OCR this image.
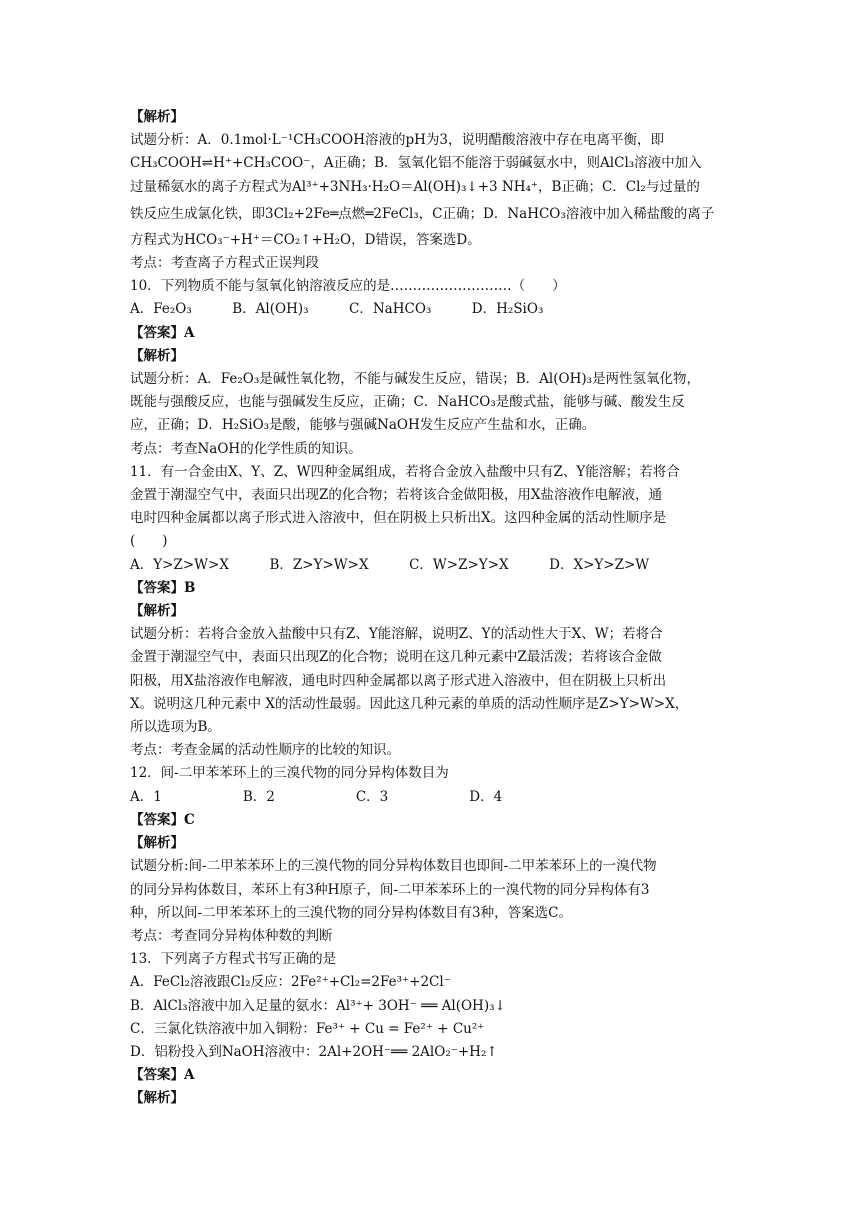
【解析】
试题分析：A．0.1mol·L⁻¹CH₃COOH溶液的pH为3，说明醋酸溶液中存在电离平衡，即
CH₃COOH⇌H⁺+CH₃COO⁻，A正确；B．氢氧化铝不能溶于弱碱氨水中，则AlCl₃溶液中加入
过量稀氨水的离子方程式为Al³⁺+3NH₃·H₂O＝Al(OH)₃↓+3 NH₄⁺，B正确；C．Cl₂与过量的
铁反应生成氯化铁，即3Cl₂+2Fe═点燃═2FeCl₃，C正确；D．NaHCO₃溶液中加入稀盐酸的离子
方程式为HCO₃⁻+H⁺＝CO₂↑+H₂O，D错误，答案选D。
考点：考查离子方程式正误判段
10．下列物质不能与氢氧化钠溶液反应的是………………………（　　）
A．Fe₂O₃　　　B．Al(OH)₃　　　C．NaHCO₃　　　D．H₂SiO₃
【答案】A
【解析】
试题分析：A．Fe₂O₃是碱性氧化物，不能与碱发生反应，错误；B．Al(OH)₃是两性氢氧化物，
既能与强酸反应，也能与强碱发生反应，正确；C．NaHCO₃是酸式盐，能够与碱、酸发生反
应，正确；D．H₂SiO₃是酸，能够与强碱NaOH发生反应产生盐和水，正确。
考点：考查NaOH的化学性质的知识。
11．有一合金由X、Y、Z、W四种金属组成，若将合金放入盐酸中只有Z、Y能溶解；若将合
金置于潮湿空气中，表面只出现Z的化合物；若将该合金做阳极，用X盐溶液作电解液，通
电时四种金属都以离子形式进入溶液中，但在阴极上只析出X。这四种金属的活动性顺序是
(　　)
A．Y>Z>W>X　　　B．Z>Y>W>X　　　C．W>Z>Y>X　　　D．X>Y>Z>W
【答案】B
【解析】
试题分析：若将合金放入盐酸中只有Z、Y能溶解，说明Z、Y的活动性大于X、W；若将合
金置于潮湿空气中，表面只出现Z的化合物；说明在这几种元素中Z最活泼；若将该合金做
阳极，用X盐溶液作电解液，通电时四种金属都以离子形式进入溶液中，但在阴极上只析出
X。说明这几种元素中 X的活动性最弱。因此这几种元素的单质的活动性顺序是Z>Y>W>X，
所以选项为B。
考点：考查金属的活动性顺序的比较的知识。
12．间-二甲苯苯环上的三溴代物的同分异构体数目为
A．1　　　　　　B．2　　　　　　C．3　　　　　　D．4
【答案】C
【解析】
试题分析:间-二甲苯苯环上的三溴代物的同分异构体数目也即间-二甲苯苯环上的一溴代物
的同分异构体数目，苯环上有3种H原子，间-二甲苯苯环上的一溴代物的同分异构体有3
种，所以间-二甲苯苯环上的三溴代物的同分异构体数目有3种，答案选C。
考点：考查同分异构体种数的判断
13．下列离子方程式书写正确的是
A．FeCl₂溶液跟Cl₂反应：2Fe²⁺+Cl₂=2Fe³⁺+2Cl⁻
B．AlCl₃溶液中加入足量的氨水：Al³⁺+ 3OH⁻ ══ Al(OH)₃↓
C．三氯化铁溶液中加入铜粉：Fe³⁺ + Cu = Fe²⁺ + Cu²⁺
D．铝粉投入到NaOH溶液中：2Al+2OH⁻══ 2AlO₂⁻+H₂↑
【答案】A
【解析】
